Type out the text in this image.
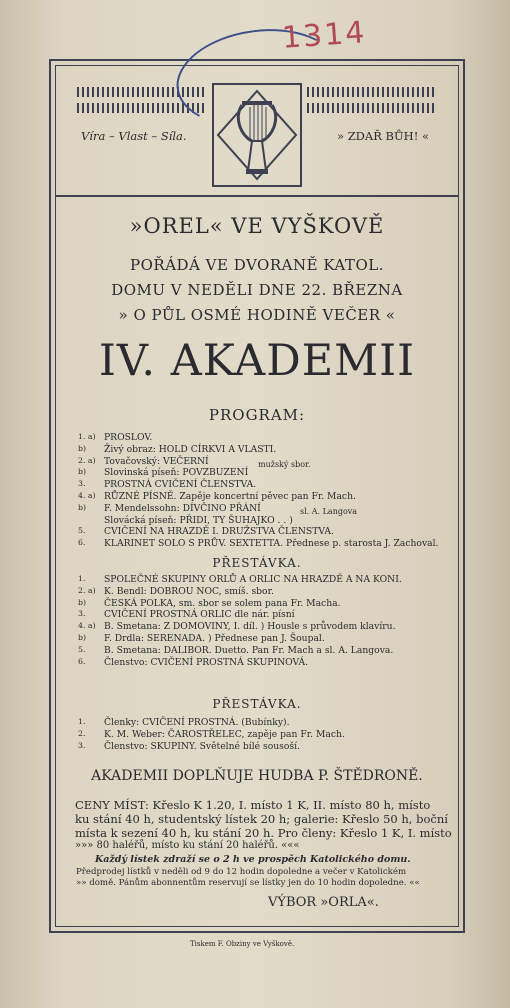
Víra – Vlast – Síla.	» ZDAŘ BŮH! «
1314
»OREL« VE VYŠKOVĚ
POŘÁDÁ VE DVORANĚ KATOL.
DOMU V NEDĚLI DNE 22. BŘEZNA
» O PŮL OSMÉ HODINĚ VEČER «
IV. AKADEMII
PROGRAM:
1. a) PROSLOV.
b) Živý obraz: HOLD CÍRKVI A VLASTI.
2. a) Tovačovský: VEČERNÍ	mužský sbor.
b) Slovinská píseň: POVZBUZENÍ
3. PROSTNÁ CVIČENÍ ČLENSTVA.
4. a) RŮZNÉ PÍSNĚ. Zapěje koncertní pěvec pan Fr. Mach.
b) F. Mendelssohn: DÍVČINO PŘÁNÍ	sl. A. Langova
Slovácká píseň: PŘIDI, TY ŠUHAJKO . . )
5. CVIČENÍ NA HRAZDĚ I. DRUŽSTVA ČLENSTVA.
6. KLARINET SOLO S PRŮV. SEXTETTA. Přednese p. starosta J. Zachoval.
PŘESTÁVKA.
1. SPOLEČNÉ SKUPINY ORLŮ A ORLIC NA HRAZDĚ A NA KONI.
2. a) K. Bendl: DOBROU NOC, smíš. sbor.
b) ČESKÁ POLKA, sm. sbor se solem pana Fr. Macha.
3. CVIČENÍ PROSTNÁ ORLIC dle nár. písní
4. a) B. Smetana: Z DOMOVINY, I. díl. ) Housle s průvodem klavíru.
b) F. Drdla: SERENADA. ) Přednese pan J. Šoupal.
5. B. Smetana: DALIBOR. Duetto. Pan Fr. Mach a sl. A. Langova.
6. Členstvo: CVIČENÍ PROSTNÁ SKUPINOVÁ.
PŘESTÁVKA.
1. Členky: CVIČENÍ PROSTNÁ. (Bubínky).
2. K. M. Weber: ČAROSTŘELEC, zapěje pan Fr. Mach.
3. Členstvo: SKUPINY. Světelné bílé sousoší.
AKADEMII DOPLŇUJE HUDBA P. ŠTĚDRONĚ.
CENY MÍST: Křeslo K 1.20, I. místo 1 K, II. místo 80 h, místo
ku stání 40 h, studentský lístek 20 h; galerie: Křeslo 50 h, boční
místa k sezení 40 h, ku stání 20 h. Pro členy: Křeslo 1 K, I. místo
»»» 80 haléřů, místo ku stání 20 haléřů. «««
Každý lístek zdraží se o 2 h ve prospěch Katolického domu.
Předprodej lístků v neděli od 9 do 12 hodin dopoledne a večer v Katolickém
»» domě. Pánům abonnentům reservují se lístky jen do 10 hodin dopoledne. ««
VÝBOR »ORLA«.
Tiskem F. Obziny ve Vyškově.
